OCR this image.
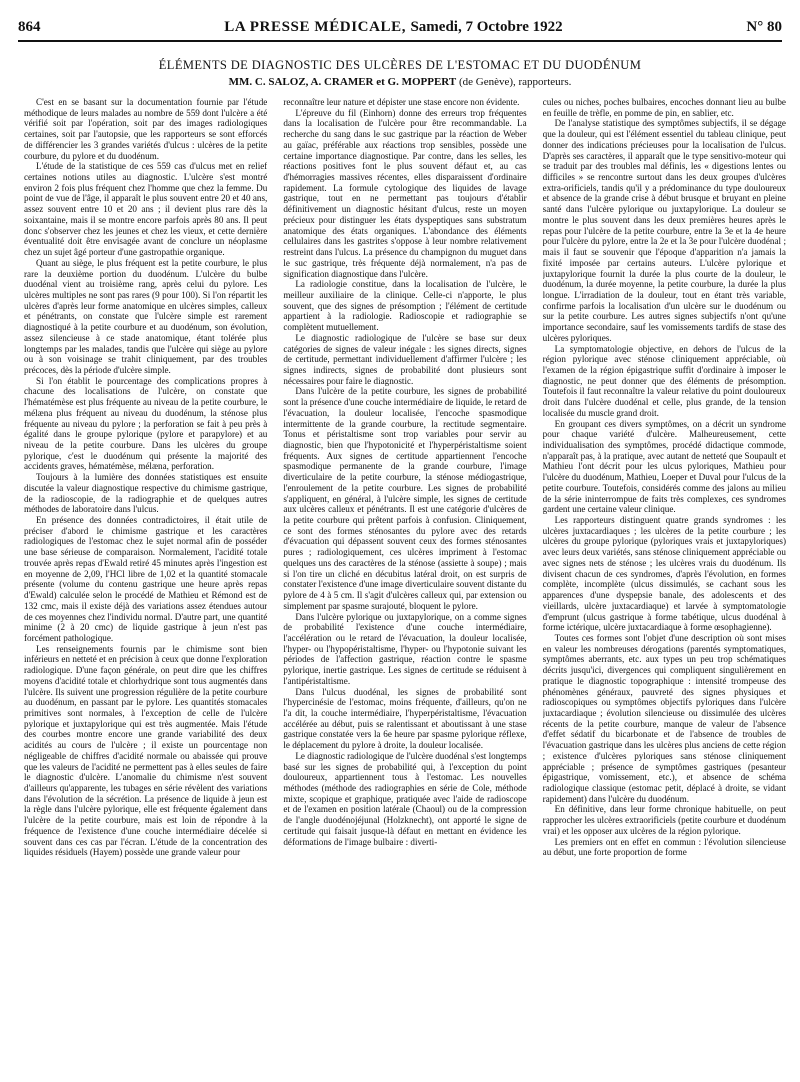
864	LA PRESSE MÉDICALE, Samedi, 7 Octobre 1922	N° 80
ÉLÉMENTS DE DIAGNOSTIC DES ULCÈRES DE L'ESTOMAC ET DU DUODÉNUM
MM. C. SALOZ, A. CRAMER et G. MOPPERT (de Genève), rapporteurs.

C'est en se basant sur la documentation fournie par l'étude méthodique de leurs malades au nombre de 559 dont l'ulcère a été vérifié soit par l'opération, soit par des images radiologiques certaines, soit par l'autopsie, que les rapporteurs se sont efforcés de différencier les 3 grandes variétés d'ulcus : ulcères de la petite courbure, du pylore et du duodénum.

L'étude de la statistique de ces 559 cas d'ulcus met en relief certaines notions utiles au diagnostic. L'ulcère s'est montré environ 2 fois plus fréquent chez l'homme que chez la femme. Du point de vue de l'âge, il apparaît le plus souvent entre 20 et 40 ans, assez souvent entre 10 et 20 ans ; il devient plus rare dès la soixantaine, mais il se montre encore parfois après 80 ans. Il peut donc s'observer chez les jeunes et chez les vieux, et cette dernière éventualité doit être envisagée avant de conclure un néoplasme chez un sujet âgé porteur d'une gastropathie organique.

Quant au siège, le plus fréquent est la petite courbure, le plus rare la deuxième portion du duodénum. L'ulcère du bulbe duodénal vient au troisième rang, après celui du pylore. Les ulcères multiples ne sont pas rares (9 pour 100). Si l'on répartit les ulcères d'après leur forme anatomique en ulcères simples, calleux et pénétrants, on constate que l'ulcère simple est rarement diagnostiqué à la petite courbure et au duodénum, son évolution, assez silencieuse à ce stade anatomique, étant tolérée plus longtemps par les malades, tandis que l'ulcère qui siège au pylore ou à son voisinage se trahit cliniquement, par des troubles précoces, dès la période d'ulcère simple.

Si l'on établit le pourcentage des complications propres à chacune des localisations de l'ulcère, on constate que l'hématémèse est plus fréquente au niveau de la petite courbure, le mélæna plus fréquent au niveau du duodénum, la sténose plus fréquente au niveau du pylore ; la perforation se fait à peu près à égalité dans le groupe pylorique (pylore et parapylore) et au niveau de la petite courbure. Dans les ulcères du groupe pylorique, c'est le duodénum qui présente la majorité des accidents graves, hématémèse, mélæna, perforation.

Toujours à la lumière des données statistiques est ensuite discutée la valeur diagnostique respective du chimisme gastrique, de la radioscopie, de la radiographie et de quelques autres méthodes de laboratoire dans l'ulcus.

En présence des données contradictoires, il était utile de préciser d'abord le chimisme gastrique et les caractères radiologiques de l'estomac chez le sujet normal afin de posséder une base sérieuse de comparaison. Normalement, l'acidité totale trouvée après repas d'Ewald retiré 45 minutes après l'ingestion est en moyenne de 2,09, l'HCl libre de 1,02 et la quantité stomacale présente (volume du contenu gastrique une heure après repas d'Ewald) calculée selon le procédé de Mathieu et Rémond est de 132 cmc, mais il existe déjà des variations assez étendues autour de ces moyennes chez l'individu normal. D'autre part, une quantité minime (2 à 20 cmc) de liquide gastrique à jeun n'est pas forcément pathologique.

Les renseignements fournis par le chimisme sont bien inférieurs en netteté et en précision à ceux que donne l'exploration radiologique. D'une façon générale, on peut dire que les chiffres moyens d'acidité totale et chlorhydrique sont tous augmentés dans l'ulcère. Ils suivent une progression régulière de la petite courbure au duodénum, en passant par le pylore. Les quantités stomacales primitives sont normales, à l'exception de celle de l'ulcère pylorique et juxtapylorique qui est très augmentée. Mais l'étude des courbes montre encore une grande variabilité des deux acidités au cours de l'ulcère ; il existe un pourcentage non négligeable de chiffres d'acidité normale ou abaissée qui prouve que les valeurs de l'acidité ne permettent pas à elles seules de faire le diagnostic d'ulcère. L'anomalie du chimisme n'est souvent d'ailleurs qu'apparente, les tubages en série révèlent des variations dans l'évolution de la sécrétion. La présence de liquide à jeun est la règle dans l'ulcère pylorique, elle est fréquente également dans l'ulcère de la petite courbure, mais est loin de répondre à la fréquence de l'existence d'une couche intermédiaire décelée si souvent dans ces cas par l'écran. L'étude de la concentration des liquides résiduels (Hayem) possède une grande valeur pour

reconnaître leur nature et dépister une stase encore non évidente.

L'épreuve du fil (Einhorn) donne des erreurs trop fréquentes dans la localisation de l'ulcère pour être recommandable. La recherche du sang dans le suc gastrique par la réaction de Weber au gaïac, préférable aux réactions trop sensibles, possède une certaine importance diagnostique. Par contre, dans les selles, les réactions positives font le plus souvent défaut et, au cas d'hémorragies massives récentes, elles disparaissent d'ordinaire rapidement. La formule cytologique des liquides de lavage gastrique, tout en ne permettant pas toujours d'établir définitivement un diagnostic hésitant d'ulcus, reste un moyen précieux pour distinguer les états dyspeptiques sans substratum anatomique des états organiques. L'abondance des éléments cellulaires dans les gastrites s'oppose à leur nombre relativement restreint dans l'ulcus. La présence du champignon du muguet dans le suc gastrique, très fréquente déjà normalement, n'a pas de signification diagnostique dans l'ulcère.

La radiologie constitue, dans la localisation de l'ulcère, le meilleur auxiliaire de la clinique. Celle-ci n'apporte, le plus souvent, que des signes de présomption ; l'élément de certitude appartient à la radiologie. Radioscopie et radiographie se complètent mutuellement.

Le diagnostic radiologique de l'ulcère se base sur deux catégories de signes de valeur inégale : les signes directs, signes de certitude, permettant individuellement d'affirmer l'ulcère ; les signes indirects, signes de probabilité dont plusieurs sont nécessaires pour faire le diagnostic.

Dans l'ulcère de la petite courbure, les signes de probabilité sont la présence d'une couche intermédiaire de liquide, le retard de l'évacuation, la douleur localisée, l'encoche spasmodique intermittente de la grande courbure, la rectitude segmentaire. Tonus et péristaltisme sont trop variables pour servir au diagnostic, bien que l'hypotonicité et l'hyperpéristaltisme soient fréquents. Aux signes de certitude appartiennent l'encoche spasmodique permanente de la grande courbure, l'image diverticulaire de la petite courbure, la sténose médiogastrique, l'enroulement de la petite courbure. Les signes de probabilité s'appliquent, en général, à l'ulcère simple, les signes de certitude aux ulcères calleux et pénétrants. Il est une catégorie d'ulcères de la petite courbure qui prêtent parfois à confusion. Cliniquement, ce sont des formes sténosantes du pylore avec des retards d'évacuation qui dépassent souvent ceux des formes sténosantes pures ; radiologiquement, ces ulcères impriment à l'estomac quelques uns des caractères de la sténose (assiette à soupe) ; mais si l'on tire un cliché en décubitus latéral droit, on est surpris de constater l'existence d'une image diverticulaire souvent distante du pylore de 4 à 5 cm. Il s'agit d'ulcères calleux qui, par extension ou simplement par spasme surajouté, bloquent le pylore.

Dans l'ulcère pylorique ou juxtapylorique, on a comme signes de probabilité l'existence d'une couche intermédiaire, l'accélération ou le retard de l'évacuation, la douleur localisée, l'hyper- ou l'hypopéristaltisme, l'hyper- ou l'hypotonie suivant les périodes de l'affection gastrique, réaction contre le spasme pylorique, inertie gastrique. Les signes de certitude se réduisent à l'antipéristaltisme.

Dans l'ulcus duodénal, les signes de probabilité sont l'hypercinésie de l'estomac, moins fréquente, d'ailleurs, qu'on ne l'a dit, la couche intermédiaire, l'hyperpéristaltisme, l'évacuation accélérée au début, puis se ralentissant et aboutissant à une stase gastrique constatée vers la 6e heure par spasme pylorique réflexe, le déplacement du pylore à droite, la douleur localisée.

Le diagnostic radiologique de l'ulcère duodénal s'est longtemps basé sur les signes de probabilité qui, à l'exception du point douloureux, appartiennent tous à l'estomac. Les nouvelles méthodes (méthode des radiographies en série de Cole, méthode mixte, scopique et graphique, pratiquée avec l'aide de radioscope et de l'examen en position latérale (Chaoul) ou de la compression de l'angle duodénojéjunal (Holzknecht), ont apporté le signe de certitude qui faisait jusque-là défaut en mettant en évidence les déformations de l'image bulbaire : diverti-

cules ou niches, poches bulbaires, encoches donnant lieu au bulbe en feuille de trèfle, en pomme de pin, en sablier, etc.

De l'analyse statistique des symptômes subjectifs, il se dégage que la douleur, qui est l'élément essentiel du tableau clinique, peut donner des indications précieuses pour la localisation de l'ulcus. D'après ses caractères, il apparaît que le type sensitivo-moteur qui se traduit par des troubles mal définis, les « digestions lentes ou difficiles » se rencontre surtout dans les deux groupes d'ulcères extra-orificiels, tandis qu'il y a prédominance du type douloureux et absence de la grande crise à début brusque et bruyant en pleine santé dans l'ulcère pylorique ou juxtapylorique. La douleur se montre le plus souvent dans les deux premières heures après le repas pour l'ulcère de la petite courbure, entre la 3e et la 4e heure pour l'ulcère du pylore, entre la 2e et la 3e pour l'ulcère duodénal ; mais il faut se souvenir que l'époque d'apparition n'a jamais la fixité imposée par certains auteurs. L'ulcère pylorique et juxtapylorique fournit la durée la plus courte de la douleur, le duodénum, la durée moyenne, la petite courbure, la durée la plus longue. L'irradiation de la douleur, tout en étant très variable, confirme parfois la localisation d'un ulcère sur le duodénum ou sur la petite courbure. Les autres signes subjectifs n'ont qu'une importance secondaire, sauf les vomissements tardifs de stase des ulcères pyloriques.

La symptomatologie objective, en dehors de l'ulcus de la région pylorique avec sténose cliniquement appréciable, où l'examen de la région épigastrique suffit d'ordinaire à imposer le diagnostic, ne peut donner que des éléments de présomption. Toutefois il faut reconnaître la valeur relative du point douloureux droit dans l'ulcère duodénal et celle, plus grande, de la tension localisée du muscle grand droit.

En groupant ces divers symptômes, on a décrit un syndrome pour chaque variété d'ulcère. Malheureusement, cette individualisation des symptômes, procédé didactique commode, n'apparaît pas, à la pratique, avec autant de netteté que Soupault et Mathieu l'ont décrit pour les ulcus pyloriques, Mathieu pour l'ulcère du duodénum, Mathieu, Loeper et Duval pour l'ulcus de la petite courbure. Toutefois, considérés comme des jalons au milieu de la série ininterrompue de faits très complexes, ces syndromes gardent une certaine valeur clinique.

Les rapporteurs distinguent quatre grands syndromes : les ulcères juxtacardiaques ; les ulcères de la petite courbure ; les ulcères du groupe pylorique (pyloriques vrais et juxtapyloriques) avec leurs deux variétés, sans sténose cliniquement appréciable ou avec signes nets de sténose ; les ulcères vrais du duodénum. Ils divisent chacun de ces syndromes, d'après l'évolution, en formes complète, incomplète (ulcus dissimulés, se cachant sous les apparences d'une dyspepsie banale, des adolescents et des vieillards, ulcère juxtacardiaque) et larvée à symptomatologie d'emprunt (ulcus gastrique à forme tabétique, ulcus duodénal à forme ictérique, ulcère juxtacardiaque à forme œsophagienne).

Toutes ces formes sont l'objet d'une description où sont mises en valeur les nombreuses dérogations (parentés symptomatiques, symptômes aberrants, etc. aux types un peu trop schématiques décrits jusqu'ici, divergences qui compliquent singulièrement en pratique le diagnostic topographique : intensité trompeuse des phénomènes généraux, pauvreté des signes physiques et radioscopiques ou symptômes objectifs pyloriques dans l'ulcère juxtacardiaque ; évolution silencieuse ou dissimulée des ulcères récents de la petite courbure, manque de valeur de l'absence d'effet sédatif du bicarbonate et de l'absence de troubles de l'évacuation gastrique dans les ulcères plus anciens de cette région ; existence d'ulcères pyloriques sans sténose cliniquement appréciable ; présence de symptômes gastriques (pesanteur épigastrique, vomissement, etc.), et absence de schéma radiologique classique (estomac petit, déplacé à droite, se vidant rapidement) dans l'ulcère du duodénum.

En définitive, dans leur forme chronique habituelle, on peut rapprocher les ulcères extraorificiels (petite courbure et duodénum vrai) et les opposer aux ulcères de la région pylorique.

Les premiers ont en effet en commun : l'évolution silencieuse au début, une forte proportion de forme
